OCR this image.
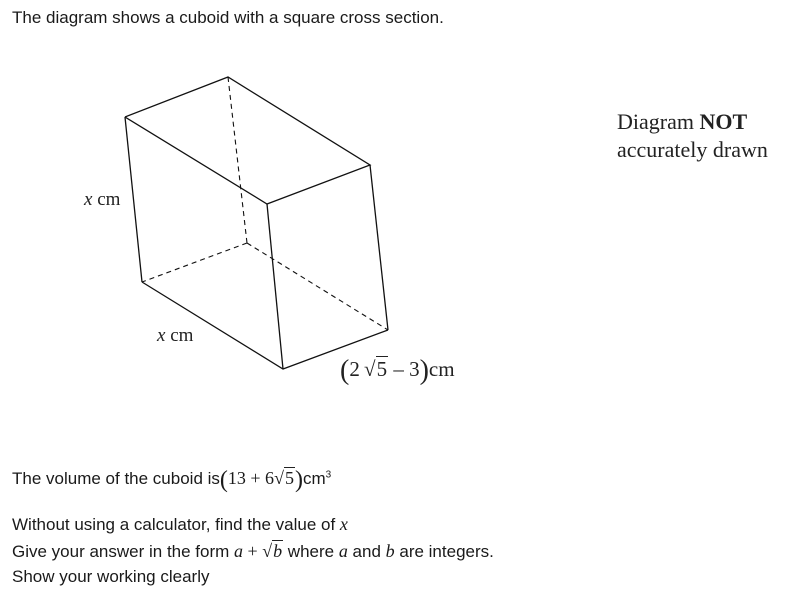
The diagram shows a cuboid with a square cross section.
x cm
x cm
(2 √5 – 3)cm
Diagram NOT
accurately drawn
The volume of the cuboid $is(13 + 6√5)cm^3$
Without using a calculator, find the value of x
Give your answer in the form a + √b where a and b are integers.
Show your working clearly
